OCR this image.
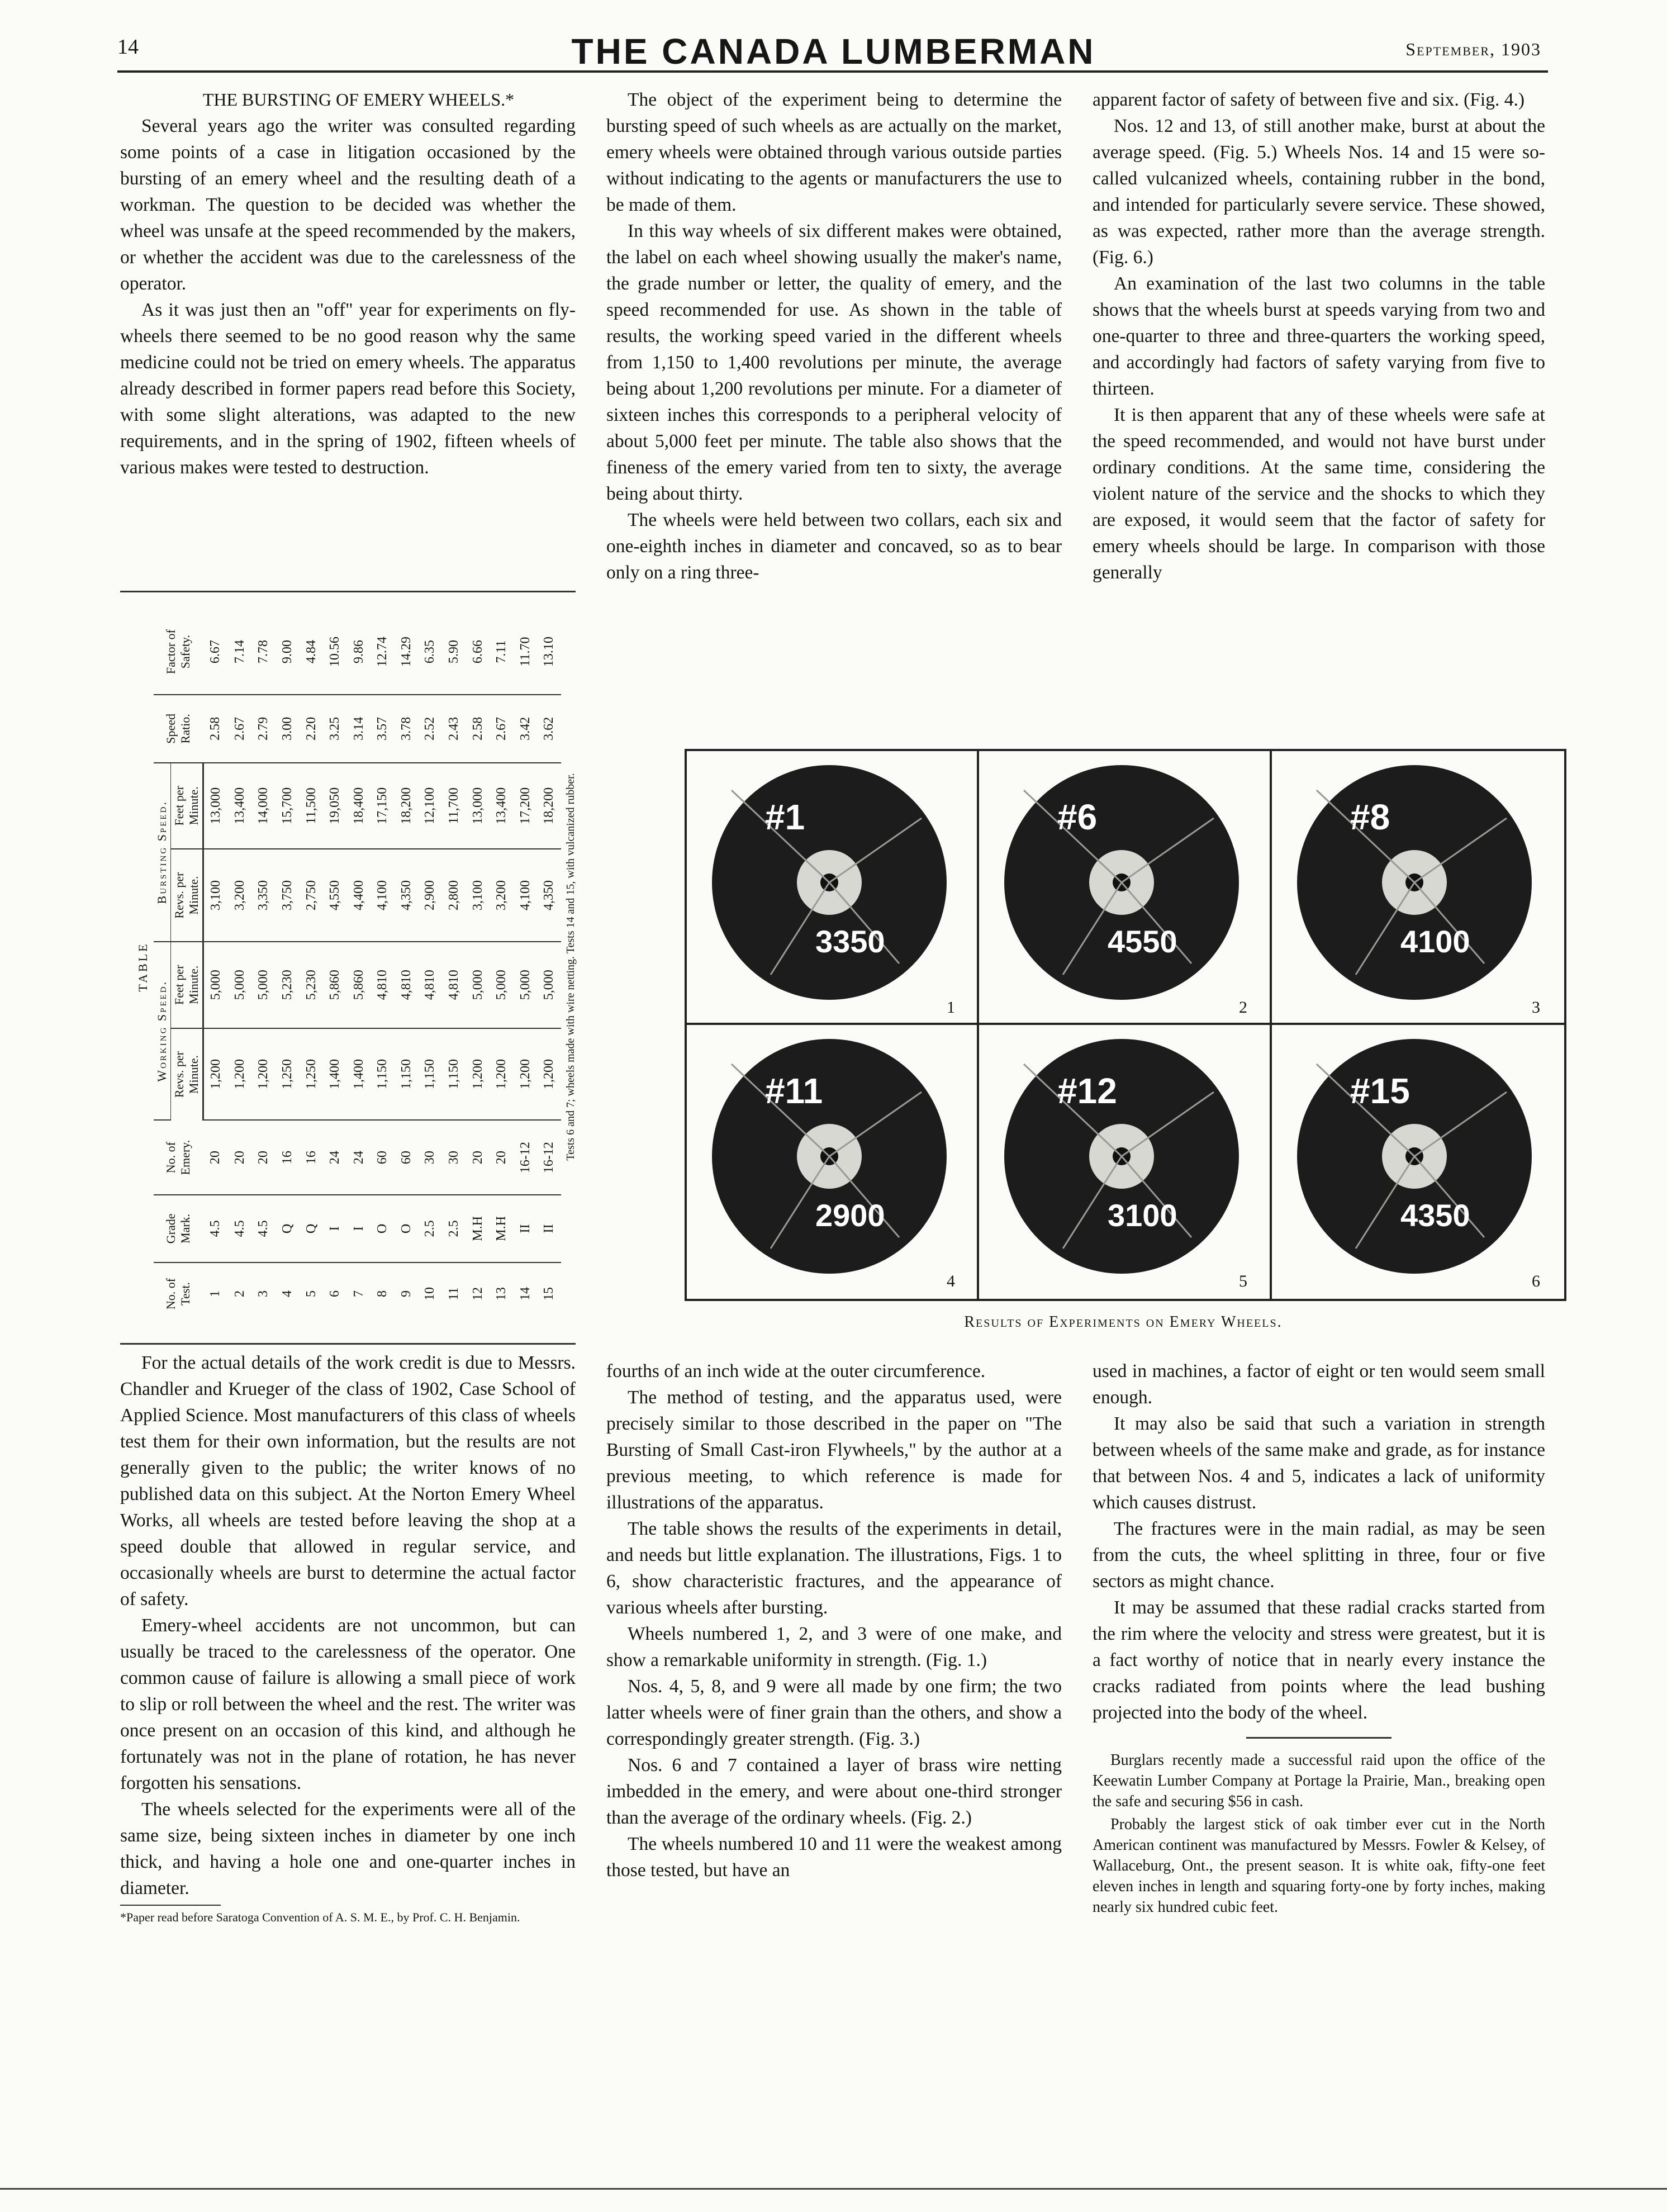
14	THE CANADA LUMBERMAN	September, 1903

THE BURSTING OF EMERY WHEELS.*

Several years ago the writer was consulted regarding some points of a case in litigation occasioned by the bursting of an emery wheel and the resulting death of a workman. The question to be decided was whether the wheel was unsafe at the speed recommended by the makers, or whether the accident was due to the carelessness of the operator.

As it was just then an "off" year for experiments on fly-wheels there seemed to be no good reason why the same medicine could not be tried on emery wheels. The apparatus already described in former papers read before this Society, with some slight alterations, was adapted to the new requirements, and in the spring of 1902, fifteen wheels of various makes were tested to destruction.

TABLE
No. of Test.	Grade Mark.	No. of Emery.	Working Speed.		Bursting Speed.		Speed Ratio.	Factor of Safety.
			Revs. per Minute.	Feet per Minute.	Revs. per Minute.	Feet per Minute.		
1	4.5	20	1,200	5,000	3,100	13,000	2.58	6.67
2	4.5	20	1,200	5,000	3,200	13,400	2.67	7.14
3	4.5	20	1,200	5,000	3,350	14,000	2.79	7.78
4	Q	16	1,250	5,230	3,750	15,700	3.00	9.00
5	Q	16	1,250	5,230	2,750	11,500	2.20	4.84
6	I	24	1,400	5,860	4,550	19,050	3.25	10.56
7	I	24	1,400	5,860	4,400	18,400	3.14	9.86
8	O	60	1,150	4,810	4,100	17,150	3.57	12.74
9	O	60	1,150	4,810	4,350	18,200	3.78	14.29
10	2.5	30	1,150	4,810	2,900	12,100	2.52	6.35
11	2.5	30	1,150	4,810	2,800	11,700	2.43	5.90
12	M.H	20	1,200	5,000	3,100	13,000	2.58	6.66
13	M.H	20	1,200	5,000	3,200	13,400	2.67	7.11
14	II	16-12	1,200	5,000	4,100	17,200	3.42	11.70
15	II	16-12	1,200	5,000	4,350	18,200	3.62	13.10
Tests 6 and 7; wheels made with wire netting. Tests 14 and 15, with vulcanized rubber.								

For the actual details of the work credit is due to Messrs. Chandler and Krueger of the class of 1902, Case School of Applied Science. Most manufacturers of this class of wheels test them for their own information, but the results are not generally given to the public; the writer knows of no published data on this subject. At the Norton Emery Wheel Works, all wheels are tested before leaving the shop at a speed double that allowed in regular service, and occasionally wheels are burst to determine the actual factor of safety.

Emery-wheel accidents are not uncommon, but can usually be traced to the carelessness of the operator. One common cause of failure is allowing a small piece of work to slip or roll between the wheel and the rest. The writer was once present on an occasion of this kind, and although he fortunately was not in the plane of rotation, he has never forgotten his sensations.

The wheels selected for the experiments were all of the same size, being sixteen inches in diameter by one inch thick, and having a hole one and one-quarter inches in diameter.

*Paper read before Saratoga Convention of A. S. M. E., by Prof. C. H. Benjamin.

The object of the experiment being to determine the bursting speed of such wheels as are actually on the market, emery wheels were obtained through various outside parties without indicating to the agents or manufacturers the use to be made of them.

In this way wheels of six different makes were obtained, the label on each wheel showing usually the maker's name, the grade number or letter, the quality of emery, and the speed recommended for use. As shown in the table of results, the working speed varied in the different wheels from 1,150 to 1,400 revolutions per minute, the average being about 1,200 revolutions per minute. For a diameter of sixteen inches this corresponds to a peripheral velocity of about 5,000 feet per minute. The table also shows that the fineness of the emery varied from ten to sixty, the average being about thirty.

The wheels were held between two collars, each six and one-eighth inches in diameter and concaved, so as to bear only on a ring three-

apparent factor of safety of between five and six. (Fig. 4.)

Nos. 12 and 13, of still another make, burst at about the average speed. (Fig. 5.) Wheels Nos. 14 and 15 were so-called vulcanized wheels, containing rubber in the bond, and intended for particularly severe service. These showed, as was expected, rather more than the average strength. (Fig. 6.)

An examination of the last two columns in the table shows that the wheels burst at speeds varying from two and one-quarter to three and three-quarters the working speed, and accordingly had factors of safety varying from five to thirteen.

It is then apparent that any of these wheels were safe at the speed recommended, and would not have burst under ordinary conditions. At the same time, considering the violent nature of the service and the shocks to which they are exposed, it would seem that the factor of safety for emery wheels should be large. In comparison with those generally

#1
3350
1
#6
4550
2
#8
4100
3
#11
2900
4
#12
3100
5
#15
4350
6
Results of Experiments on Emery Wheels.

fourths of an inch wide at the outer circumference.

The method of testing, and the apparatus used, were precisely similar to those described in the paper on "The Bursting of Small Cast-iron Flywheels," by the author at a previous meeting, to which reference is made for illustrations of the apparatus.

The table shows the results of the experiments in detail, and needs but little explanation. The illustrations, Figs. 1 to 6, show characteristic fractures, and the appearance of various wheels after bursting.

Wheels numbered 1, 2, and 3 were of one make, and show a remarkable uniformity in strength. (Fig. 1.)

Nos. 4, 5, 8, and 9 were all made by one firm; the two latter wheels were of finer grain than the others, and show a correspondingly greater strength. (Fig. 3.)

Nos. 6 and 7 contained a layer of brass wire netting imbedded in the emery, and were about one-third stronger than the average of the ordinary wheels. (Fig. 2.)

The wheels numbered 10 and 11 were the weakest among those tested, but have an

used in machines, a factor of eight or ten would seem small enough.

It may also be said that such a variation in strength between wheels of the same make and grade, as for instance that between Nos. 4 and 5, indicates a lack of uniformity which causes distrust.

The fractures were in the main radial, as may be seen from the cuts, the wheel splitting in three, four or five sectors as might chance.

It may be assumed that these radial cracks started from the rim where the velocity and stress were greatest, but it is a fact worthy of notice that in nearly every instance the cracks radiated from points where the lead bushing projected into the body of the wheel.

Burglars recently made a successful raid upon the office of the Keewatin Lumber Company at Portage la Prairie, Man., breaking open the safe and securing $56 in cash.

Probably the largest stick of oak timber ever cut in the North American continent was manufactured by Messrs. Fowler & Kelsey, of Wallaceburg, Ont., the present season. It is white oak, fifty-one feet eleven inches in length and squaring forty-one by forty inches, making nearly six hundred cubic feet.
